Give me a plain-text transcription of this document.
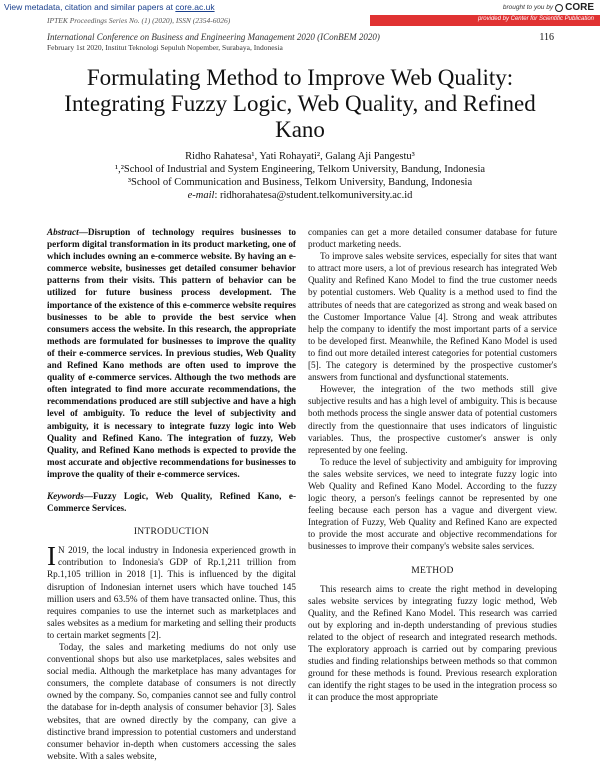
View metadata, citation and similar papers at core.ac.uk	brought to you by CORE
provided by Center for Scientific Publication
IPTEK Proceedings Series No. (1) (2020), ISSN (2354-6026)
International Conference on Business and Engineering Management 2020 (IConBEM 2020)
February 1st 2020, Institut Teknologi Sepuluh Nopember, Surabaya, Indonesia
116
Formulating Method to Improve Web Quality: Integrating Fuzzy Logic, Web Quality, and Refined Kano
Ridho Rahatesa¹, Yati Rohayati², Galang Aji Pangestu³
¹,²School of Industrial and System Engineering, Telkom University, Bandung, Indonesia
³School of Communication and Business, Telkom University, Bandung, Indonesia
e-mail: ridhorahatesa@student.telkomuniversity.ac.id

Abstract—Disruption of technology requires businesses to perform digital transformation in its product marketing, one of which includes owning an e-commerce website. By having an e-commerce website, businesses get detailed consumer behavior patterns from their visits. This pattern of behavior can be utilized for future business process development. The importance of the existence of this e-commerce website requires businesses to be able to provide the best service when consumers access the website. In this research, the appropriate methods are formulated for businesses to improve the quality of their e-commerce services. In previous studies, Web Quality and Refined Kano methods are often used to improve the quality of e-commerce services. Although the two methods are often integrated to find more accurate recommendations, the recommendations produced are still subjective and have a high level of ambiguity. To reduce the level of subjectivity and ambiguity, it is necessary to integrate fuzzy logic into Web Quality and Refined Kano. The integration of fuzzy, Web Quality, and Refined Kano methods is expected to provide the most accurate and objective recommendations for businesses to improve the quality of their e-commerce services.

Keywords—Fuzzy Logic, Web Quality, Refined Kano, e-Commerce Services.

INTRODUCTION

I N 2019, the local industry in Indonesia experienced growth in contribution to Indonesia's GDP of Rp.1,211 trillion from Rp.1,105 trillion in 2018 [1]. This is influenced by the digital disruption of Indonesian internet users which have touched 145 million users and 63.5% of them have transacted online. Thus, this requires companies to use the internet such as marketplaces and sales websites as a medium for marketing and selling their products to certain market segments [2].

Today, the sales and marketing mediums do not only use conventional shops but also use marketplaces, sales websites and social media. Although the marketplace has many advantages for consumers, the complete database of consumers is not directly owned by the company. So, companies cannot see and fully control the database for in-depth analysis of consumer behavior [3]. Sales websites, that are owned directly by the company, can give a distinctive brand impression to potential customers and understand consumer behavior in-depth when customers accessing the sales website. With a sales website,

companies can get a more detailed consumer database for future product marketing needs.

To improve sales website services, especially for sites that want to attract more users, a lot of previous research has integrated Web Quality and Refined Kano Model to find the true customer needs by potential customers. Web Quality is a method used to find the attributes of needs that are categorized as strong and weak based on the Customer Importance Value [4]. Strong and weak attributes help the company to identify the most important parts of a service to be developed first. Meanwhile, the Refined Kano Model is used to find out more detailed interest categories for potential customers [5]. The category is determined by the prospective customer's answers from functional and dysfunctional statements.

However, the integration of the two methods still give subjective results and has a high level of ambiguity. This is because both methods process the single answer data of potential customers directly from the questionnaire that uses indicators of linguistic variables. Thus, the prospective customer's answer is only represented by one feeling.

To reduce the level of subjectivity and ambiguity for improving the sales website services, we need to integrate fuzzy logic into Web Quality and Refined Kano Model. According to the fuzzy logic theory, a person's feelings cannot be represented by one feeling because each person has a vague and divergent view. Integration of Fuzzy, Web Quality and Refined Kano are expected to provide the most accurate and objective recommendations for businesses to improve their company's website sales services.

METHOD

This research aims to create the right method in developing sales website services by integrating fuzzy logic method, Web Quality, and the Refined Kano Model. This research was carried out by exploring and in-depth understanding of previous studies related to the object of research and integrated research methods. The exploratory approach is carried out by comparing previous studies and finding relationships between methods so that common ground for these methods is found. Previous research exploration can identify the right stages to be used in the integration process so it can produce the most appropriate
